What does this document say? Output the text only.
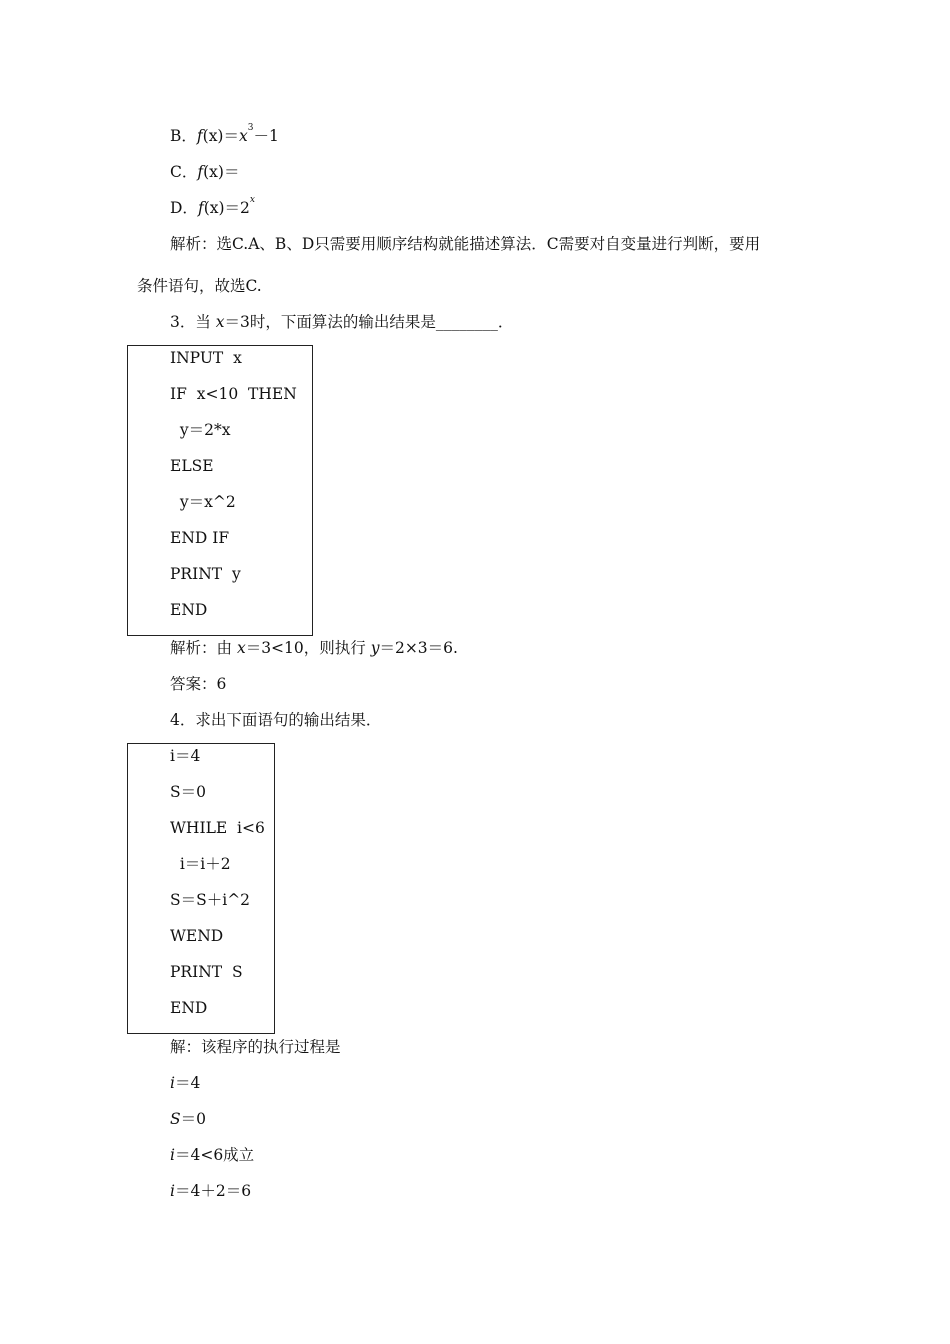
B．$f(x)=x^3-1$
C．f(x)＝
D．$f(x)=2^x$
解析：选C.A、B、D只需要用顺序结构就能描述算法．C需要对自变量进行判断，要用
条件语句，故选C.
3．当 x＝3时，下面算法的输出结果是________．
INPUT  x
IF  x<10  THEN
y＝2*x
ELSE
y＝x^2
END IF
PRINT  y
END
解析：由 x＝3<10，则执行 y＝2×3＝6.
答案：6
4．求出下面语句的输出结果．
i＝4
S＝0
WHILE  i<6
i＝i＋2
S＝S＋i^2
WEND
PRINT  S
END
解：该程序的执行过程是
i＝4
S＝0
i＝4<6成立
i＝4＋2＝6
